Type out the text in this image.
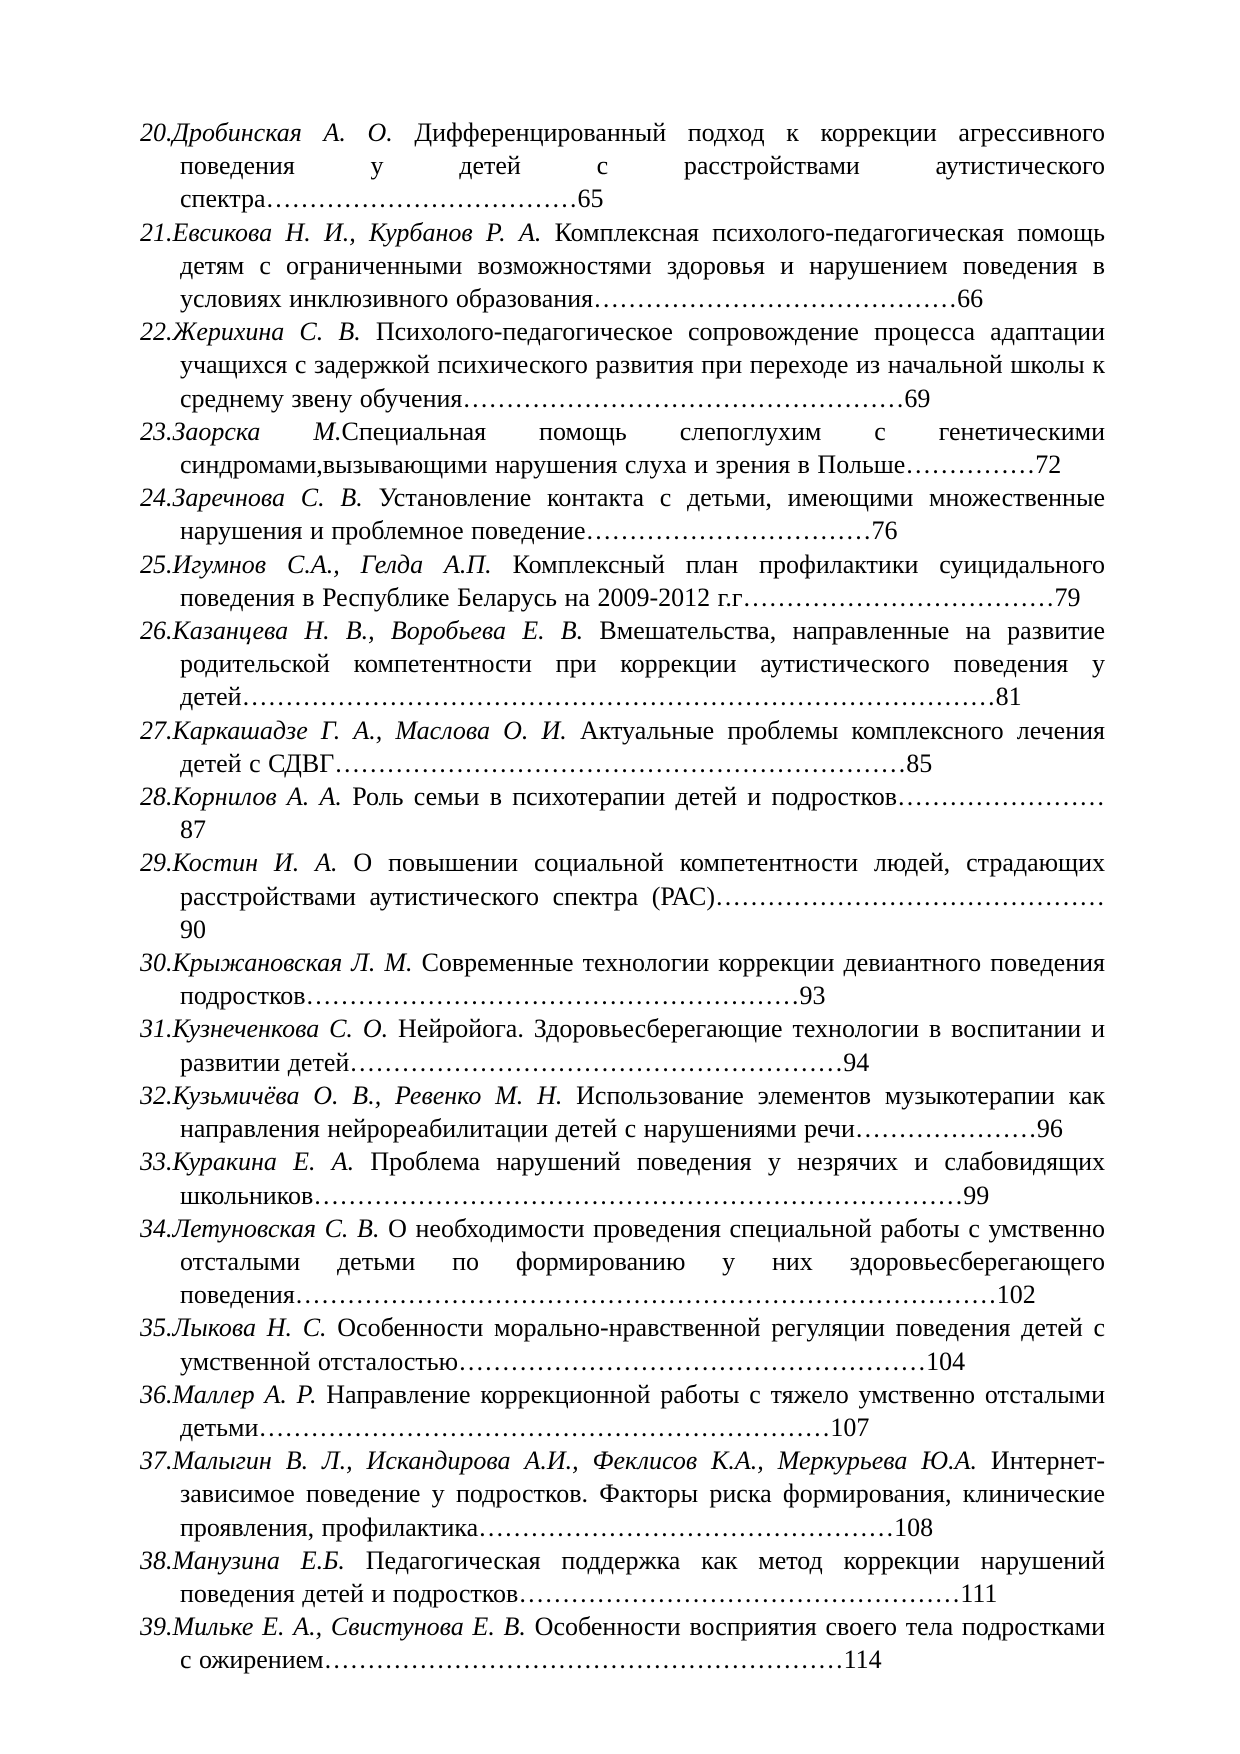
20.Дробинская А. О. Дифференцированный подход к коррекции агрессивного поведения у детей с расстройствами аутистического спектра………………………………65
21.Евсикова Н. И., Курбанов Р. А. Комплексная психолого-педагогическая помощь детям с ограниченными возможностями здоровья и нарушением поведения в условиях инклюзивного образования……………………………………66
22.Жерихина С. В. Психолого-педагогическое сопровождение процесса адаптации учащихся с задержкой психического развития при переходе из начальной школы к среднему звену обучения……………………………………………69
23.Заорска М.Специальная помощь слепоглухим с генетическими синдромами,вызывающими нарушения слуха и зрения в Польше……………72
24.Заречнова С. В. Установление контакта с детьми, имеющими множественные нарушения и проблемное поведение……………………………76
25.Игумнов С.А., Гелда А.П. Комплексный план профилактики суицидального поведения в Республике Беларусь на 2009-2012 г.г………………………………79
26.Казанцева Н. В., Воробьева Е. В. Вмешательства, направленные на развитие родительской компетентности при коррекции аутистического поведения у детей……………………………………………………………………………81
27.Каркашадзе Г. А., Маслова О. И. Актуальные проблемы комплексного лечения детей с СДВГ…………………………………………………………85
28.Корнилов А. А. Роль семьи в психотерапии детей и подростков……………………87
29.Костин И. А. О повышении социальной компетентности людей, страдающих расстройствами аутистического спектра (РАС)………………………………………90
30.Крыжановская Л. М. Современные технологии коррекции девиантного поведения подростков…………………………………………………93
31.Кузнеченкова С. О. Нейройога. Здоровьесберегающие технологии в воспитании и развитии детей…………………………………………………94
32.Кузьмичёва О. В., Ревенко М. Н. Использование элементов музыкотерапии как направления нейрореабилитации детей с нарушениями речи…………………96
33.Куракина Е. А. Проблема нарушений поведения у незрячих и слабовидящих школьников…………………………………………………………………99
34.Летуновская С. В. О необходимости проведения специальной работы с умственно отсталыми детьми по формированию у них здоровьесберегающего поведения………………………………………………………………………102
35.Лыкова Н. С. Особенности морально-нравственной регуляции поведения детей с умственной отсталостью………………………………………………104
36.Маллер А. Р. Направление коррекционной работы с тяжело умственно отсталыми детьми…………………………………………………………107
37.Малыгин В. Л., Искандирова А.И., Феклисов К.А., Меркурьева Ю.А. Интернет-зависимое поведение у подростков. Факторы риска формирования, клинические проявления, профилактика…………………………………………108
38.Манузина Е.Б. Педагогическая поддержка как метод коррекции нарушений поведения детей и подростков……………………………………………111
39.Мильке Е. А., Свистунова Е. В. Особенности восприятия своего тела подростками с ожирением……………………………………………………114
